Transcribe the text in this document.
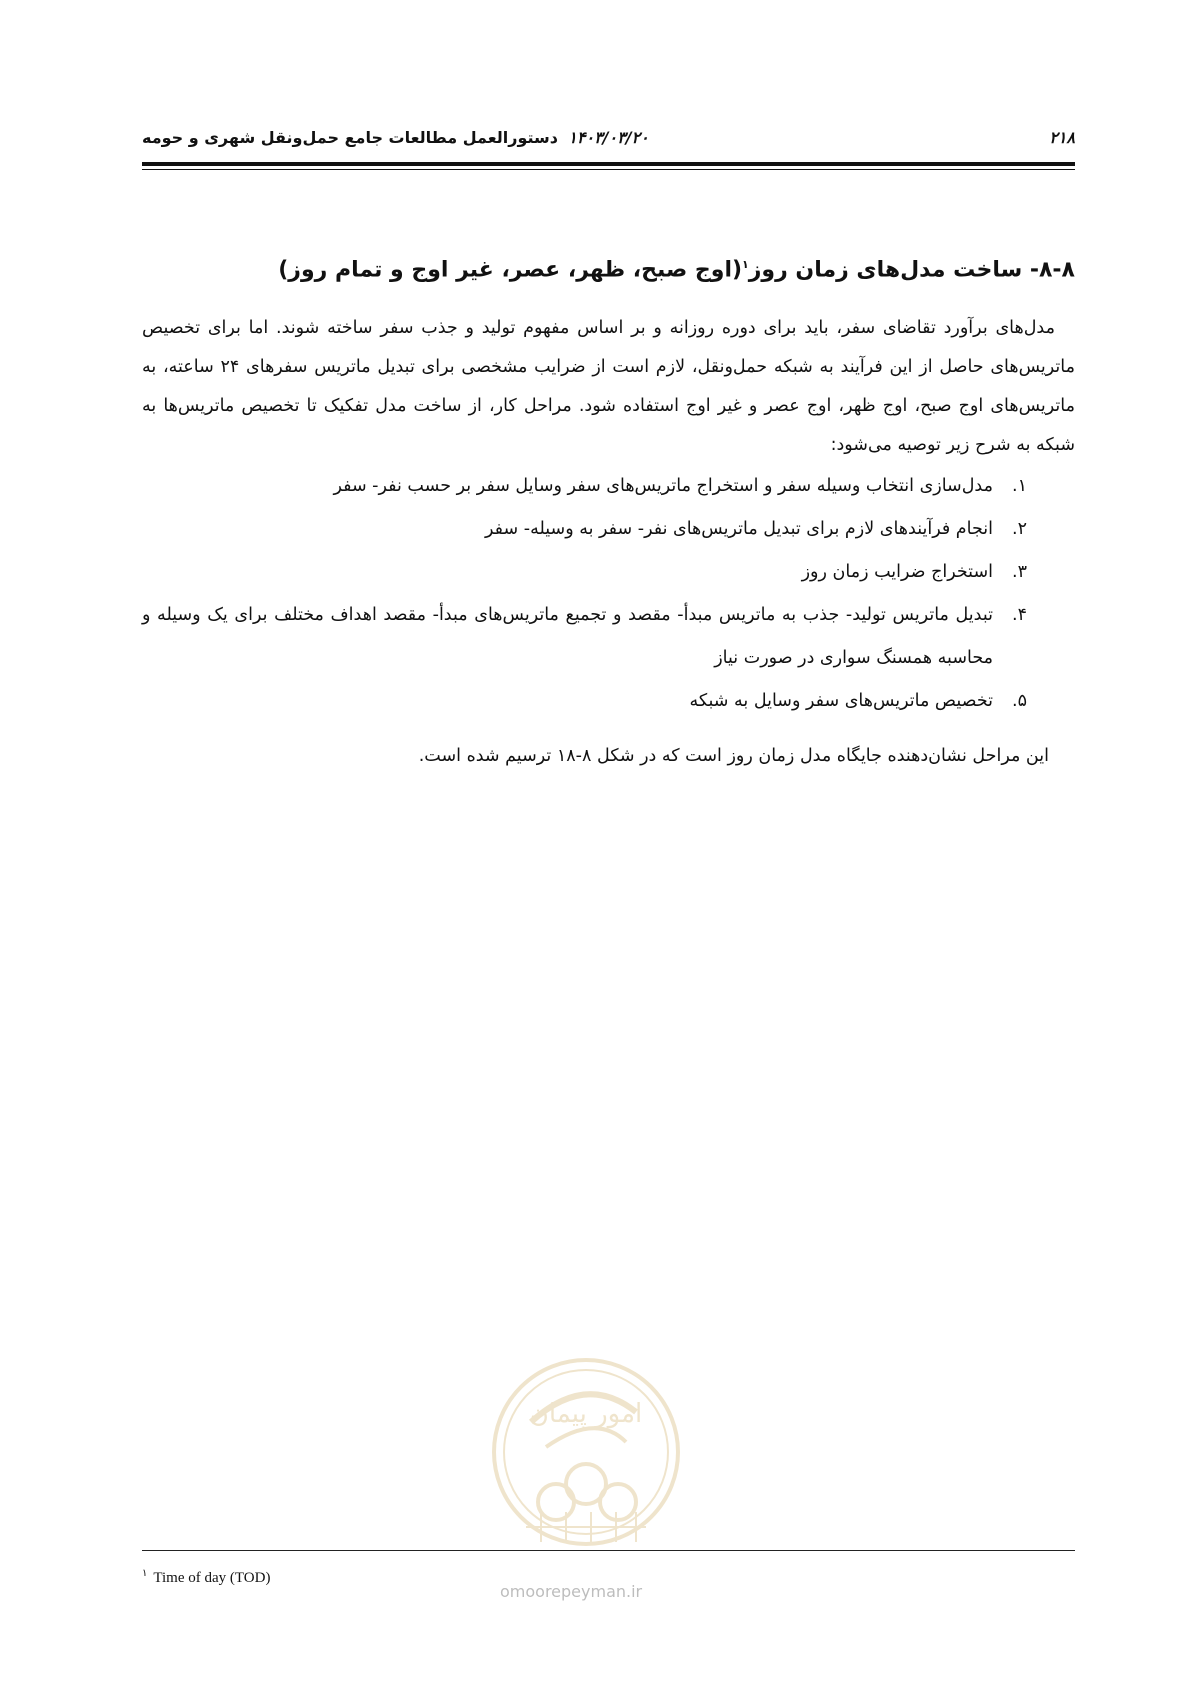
۲۱۸
۱۴۰۳/۰۳/۲۰
دستورالعمل مطالعات جامع حمل‌ونقل شهری و حومه
۸-۸- ساخت مدل‌های زمان روز$^۱$(اوج صبح، ظهر، عصر، غیر اوج و تمام روز)

مدل‌های برآورد تقاضای سفر، باید برای دوره روزانه و بر اساس مفهوم تولید و جذب سفر ساخته شوند. اما برای تخصیص ماتریس‌های حاصل از این فرآیند به شبکه حمل‌ونقل، لازم است از ضرایب مشخصی برای تبدیل ماتریس سفرهای ۲۴ ساعته، به ماتریس‌های اوج صبح، اوج ظهر، اوج عصر و غیر اوج استفاده شود. مراحل کار، از ساخت مدل تفکیک تا تخصیص ماتریس‌ها به شبکه به شرح زیر توصیه می‌شود:

۱.
مدل‌سازی انتخاب وسیله سفر و استخراج ماتریس‌های سفر وسایل سفر بر حسب نفر- سفر
۲.
انجام فرآیندهای لازم برای تبدیل ماتریس‌های نفر- سفر به وسیله- سفر
۳.
استخراج ضرایب زمان روز
۴.
تبدیل ماتریس تولید- جذب به ماتریس مبدأ- مقصد و تجمیع ماتریس‌های مبدأ- مقصد اهداف مختلف برای یک وسیله و محاسبه همسنگ سواری در صورت نیاز
۵.
تخصیص ماتریس‌های سفر وسایل به شبکه

این مراحل نشان‌دهنده جایگاه مدل زمان روز است که در شکل ۸-۱۸ ترسیم شده است.

امور پیمان
omoorepeyman.ir
$^۱$ Time of day (TOD)
